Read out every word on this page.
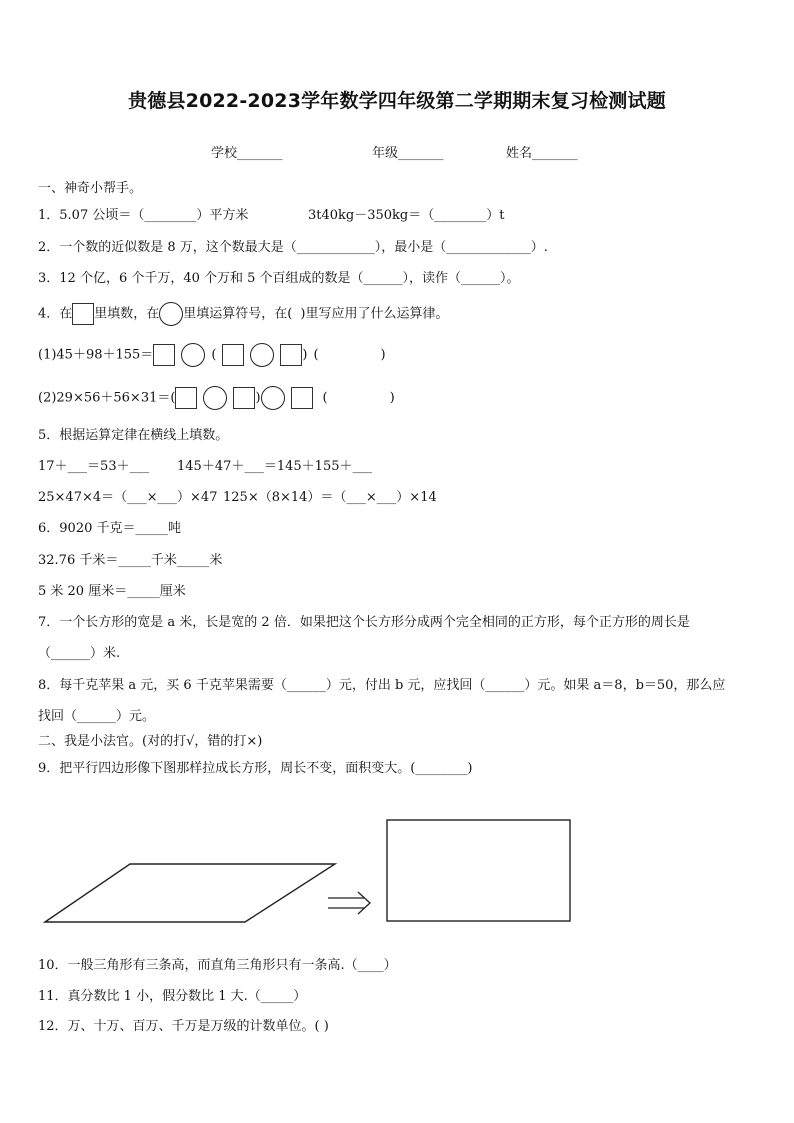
贵德县2022-2023学年数学四年级第二学期期末复习检测试题
学校_______	年级_______	姓名_______
一、神奇小帮手。
1．5.07 公顷＝（________）平方米	3t40kg－350kg＝（________）t
2．一个数的近似数是 8 万，这个数最大是（____________），最小是（_____________）.
3．12 个亿，6 个千万，40 个万和 5 个百组成的数是（______），读作（______）。
4．在 里填数，在 里填运算符号，在( )里写应用了什么运算律。
(1)45＋98＋155＝	(	) (	)
(2)29×56＋56×31＝(	)	(	)
5．根据运算定律在横线上填数。
17＋___＝53＋___ 145＋47＋___＝145＋155＋___
25×47×4＝（___×___）×47 125×（8×14）＝（___×___）×14
6．9020 千克＝_____吨
32.76 千米＝_____千米_____米
5 米 20 厘米＝_____厘米
7．一个长方形的宽是 a 米，长是宽的 2 倍．如果把这个长方形分成两个完全相同的正方形，每个正方形的周长是
（______）米.
8．每千克苹果 a 元，买 6 千克苹果需要（______）元，付出 b 元，应找回（______）元。如果 a＝8，b＝50，那么应
找回（______）元。
二、我是小法官。(对的打√，错的打×)
9．把平行四边形像下图那样拉成长方形，周长不变，面积变大。(________)
10．一般三角形有三条高，而直角三角形只有一条高.（____）
11．真分数比 1 小，假分数比 1 大.（_____）
12．万、十万、百万、千万是万级的计数单位。( )
